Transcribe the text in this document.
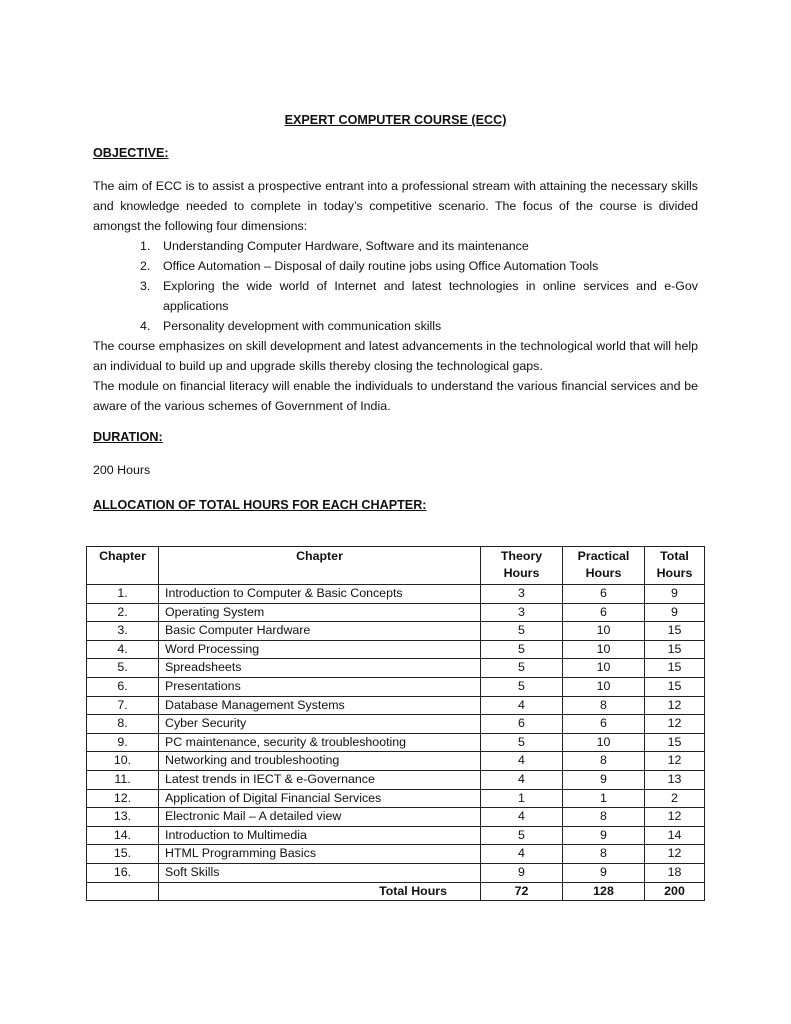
EXPERT COMPUTER COURSE (ECC)
OBJECTIVE:

The aim of ECC is to assist a prospective entrant into a professional stream with attaining the necessary skills and knowledge needed to complete in today’s competitive scenario. The focus of the course is divided amongst the following four dimensions:

1. Understanding Computer Hardware, Software and its maintenance
2. Office Automation – Disposal of daily routine jobs using Office Automation Tools
3. Exploring the wide world of Internet and latest technologies in online services and e-Gov applications
4. Personality development with communication skills

The course emphasizes on skill development and latest advancements in the technological world that will help an individual to build up and upgrade skills thereby closing the technological gaps.

The module on financial literacy will enable the individuals to understand the various financial services and be aware of the various schemes of Government of India.

DURATION:
200 Hours
ALLOCATION OF TOTAL HOURS FOR EACH CHAPTER:
Chapter	Chapter	Theory Hours	Practical Hours	Total Hours
1.	Introduction to Computer & Basic Concepts	3	6	9
2.	Operating System	3	6	9
3.	Basic Computer Hardware	5	10	15
4.	Word Processing	5	10	15
5.	Spreadsheets	5	10	15
6.	Presentations	5	10	15
7.	Database Management Systems	4	8	12
8.	Cyber Security	6	6	12
9.	PC maintenance, security & troubleshooting	5	10	15
10.	Networking and troubleshooting	4	8	12
11.	Latest trends in IECT & e-Governance	4	9	13
12.	Application of Digital Financial Services	1	1	2
13.	Electronic Mail – A detailed view	4	8	12
14.	Introduction to Multimedia	5	9	14
15.	HTML Programming Basics	4	8	12
16.	Soft Skills	9	9	18
	Total Hours	72	128	200
